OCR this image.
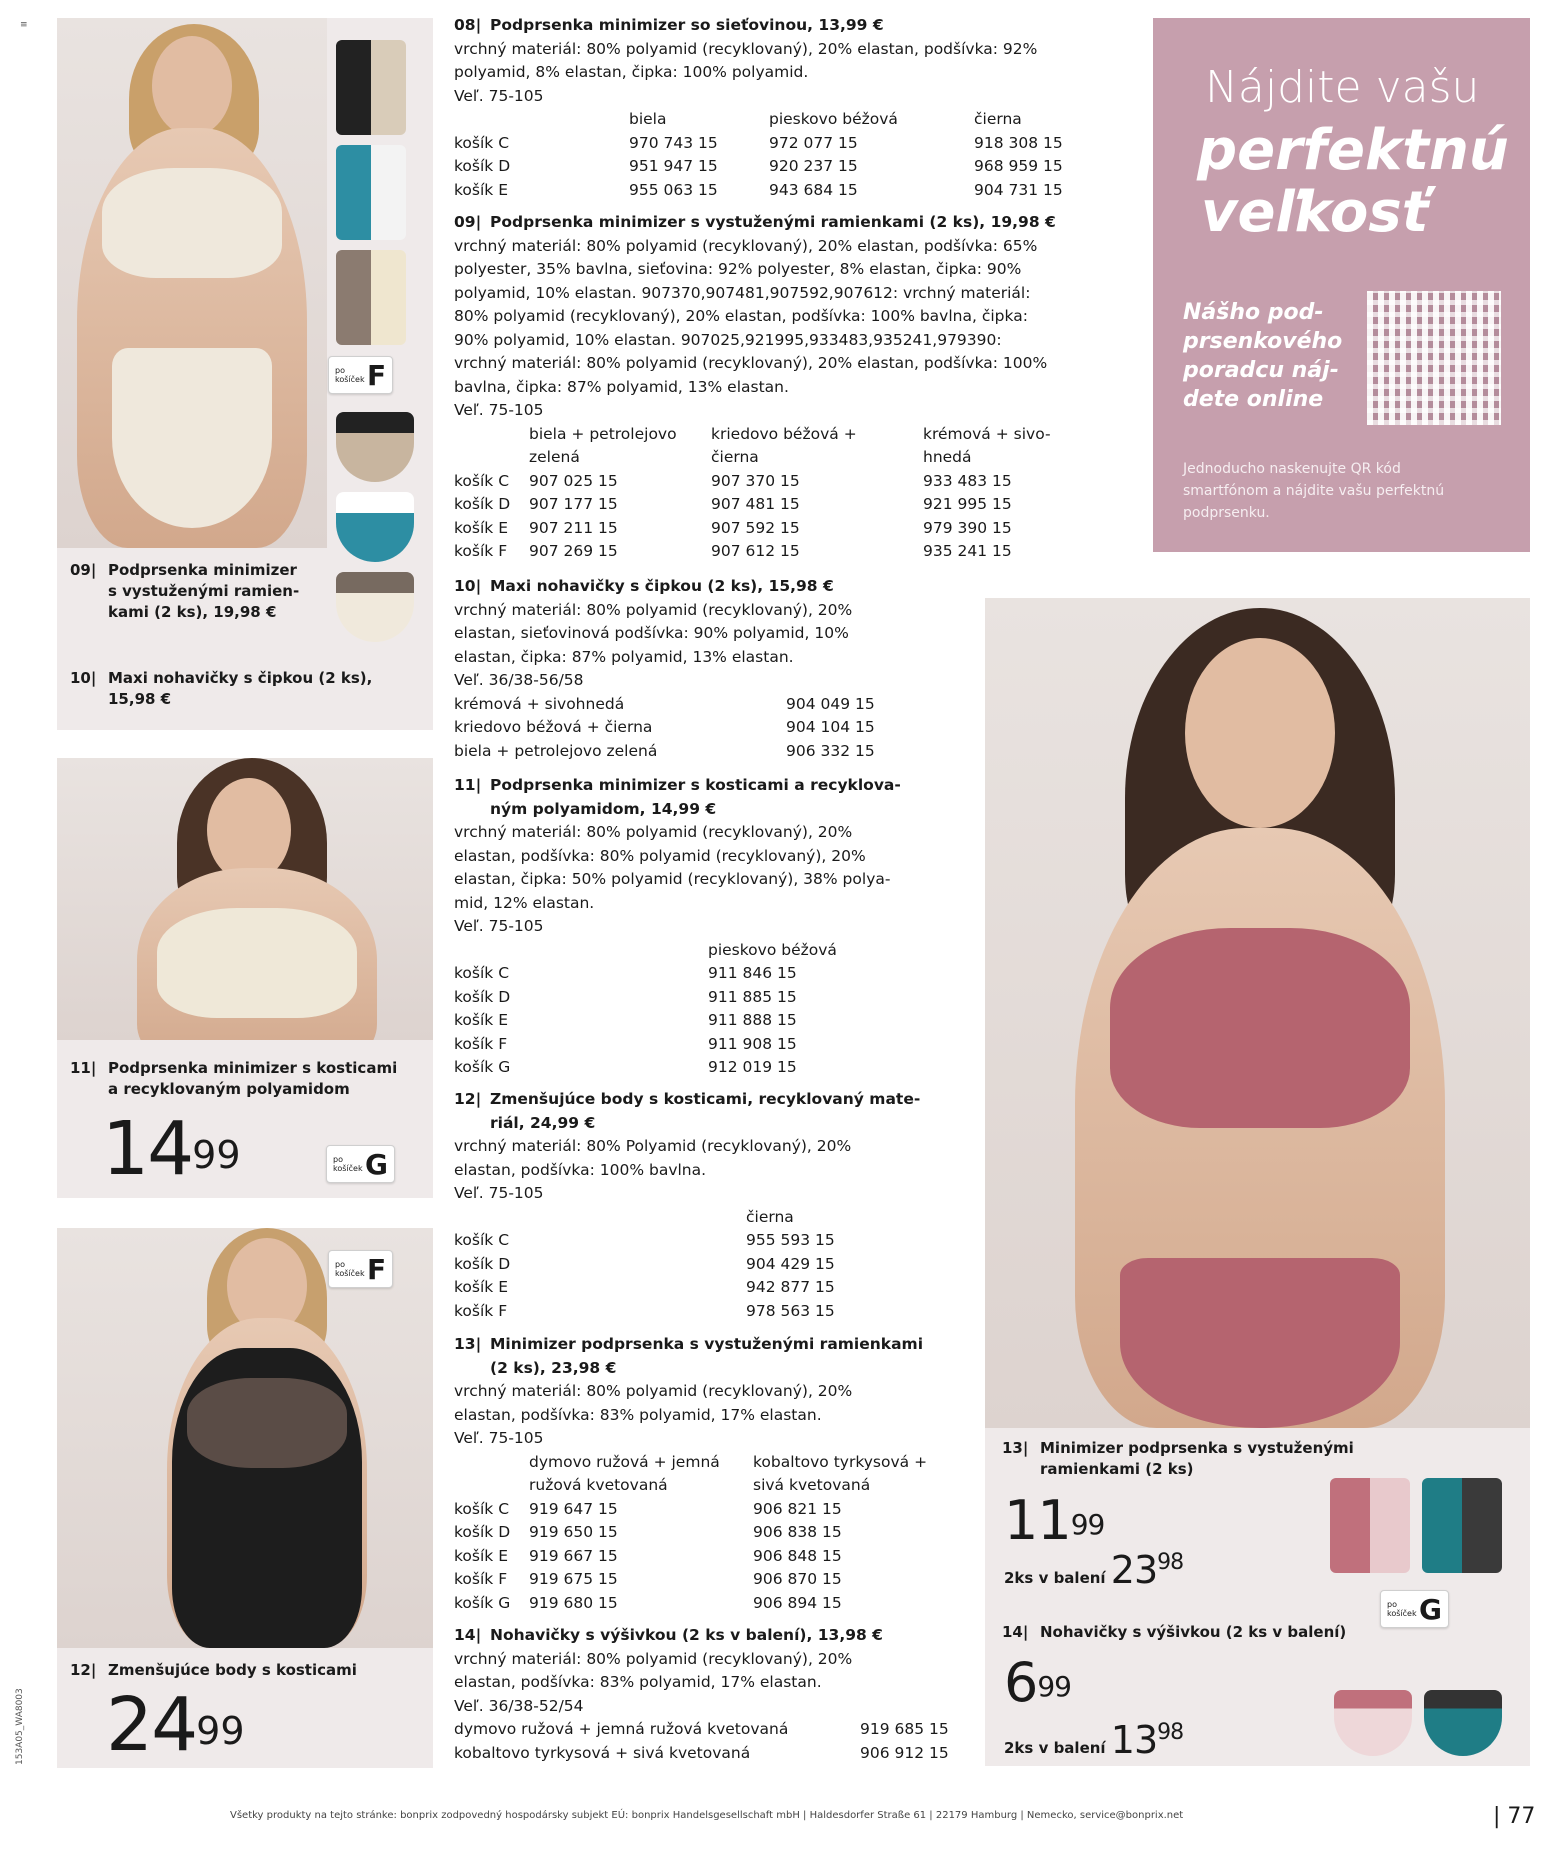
po
košíček F
09| Podprsenka minimizer
s vystuženými ramien-
kami (2 ks), 19,98 €
10| Maxi nohavičky s čipkou (2 ks),
15,98 €
11| Podprsenka minimizer s kosticami
a recyklovaným polyamidom
$14^{99}$	po
košíček G
po
košíček F
12| Zmenšujúce body s kosticami
$24^{99}$
153A05_WA8003
≡	08| Podprsenka minimizer so sieťovinou, 13,99 €
vrchný materiál: 80% polyamid (recyklovaný), 20% elastan, podšívka: 92%
polyamid, 8% elastan, čipka: 100% polyamid.
Veľ. 75-105
biela	pieskovo béžová	čierna
košík C	970 743 15	972 077 15	918 308 15
košík D	951 947 15	920 237 15	968 959 15
košík E	955 063 15	943 684 15	904 731 15
09| Podprsenka minimizer s vystuženými ramienkami (2 ks), 19,98 €
vrchný materiál: 80% polyamid (recyklovaný), 20% elastan, podšívka: 65%
polyester, 35% bavlna, sieťovina: 92% polyester, 8% elastan, čipka: 90%
polyamid, 10% elastan. 907370,907481,907592,907612: vrchný materiál:
80% polyamid (recyklovaný), 20% elastan, podšívka: 100% bavlna, čipka:
90% polyamid, 10% elastan. 907025,921995,933483,935241,979390:
vrchný materiál: 80% polyamid (recyklovaný), 20% elastan, podšívka: 100%
bavlna, čipka: 87% polyamid, 13% elastan.
Veľ. 75-105
biela + petrolejovo	kriedovo béžová +	krémová + sivo-
zelená	čierna	hnedá
košík C	907 025 15	907 370 15	933 483 15
košík D	907 177 15	907 481 15	921 995 15
košík E	907 211 15	907 592 15	979 390 15
košík F	907 269 15	907 612 15	935 241 15
10| Maxi nohavičky s čipkou (2 ks), 15,98 €
vrchný materiál: 80% polyamid (recyklovaný), 20%
elastan, sieťovinová podšívka: 90% polyamid, 10%
elastan, čipka: 87% polyamid, 13% elastan.
Veľ. 36/38-56/58
krémová + sivohnedá	904 049 15
kriedovo béžová + čierna	904 104 15
biela + petrolejovo zelená	906 332 15
11| Podprsenka minimizer s kosticami a recyklova-
ným polyamidom, 14,99 €
vrchný materiál: 80% polyamid (recyklovaný), 20%
elastan, podšívka: 80% polyamid (recyklovaný), 20%
elastan, čipka: 50% polyamid (recyklovaný), 38% polya-
mid, 12% elastan.
Veľ. 75-105
pieskovo béžová
košík C	911 846 15
košík D	911 885 15
košík E	911 888 15
košík F	911 908 15
košík G	912 019 15
12| Zmenšujúce body s kosticami, recyklovaný mate-
riál, 24,99 €
vrchný materiál: 80% Polyamid (recyklovaný), 20%
elastan, podšívka: 100% bavlna.
Veľ. 75-105
čierna
košík C	955 593 15
košík D	904 429 15
košík E	942 877 15
košík F	978 563 15
13| Minimizer podprsenka s vystuženými ramienkami
(2 ks), 23,98 €
vrchný materiál: 80% polyamid (recyklovaný), 20%
elastan, podšívka: 83% polyamid, 17% elastan.
Veľ. 75-105
dymovo ružová + jemná	kobaltovo tyrkysová +
ružová kvetovaná	sivá kvetovaná
košík C	919 647 15	906 821 15
košík D	919 650 15	906 838 15
košík E	919 667 15	906 848 15
košík F	919 675 15	906 870 15
košík G	919 680 15	906 894 15
14| Nohavičky s výšivkou (2 ks v balení), 13,98 €
vrchný materiál: 80% polyamid (recyklovaný), 20%
elastan, podšívka: 83% polyamid, 17% elastan.
Veľ. 36/38-52/54
dymovo ružová + jemná ružová kvetovaná	919 685 15
kobaltovo tyrkysová + sivá kvetovaná	906 912 15
Nájdite vašu
perfektnú
veľkosť
Nášho pod-
prsenkového
poradcu náj-
dete online
Jednoducho naskenujte QR kód
smartfónom a nájdite vašu perfektnú
podprsenku.
13| Minimizer podprsenka s vystuženými
ramienkami (2 ks)
$11^{99}$
2ks v balení $23^{98}$
po
košíček G
14| Nohavičky s výšivkou (2 ks v balení)
$6^{99}$
2ks v balení $13^{98}$
Všetky produkty na tejto stránke: bonprix zodpovedný hospodársky subjekt EÚ: bonprix Handelsgesellschaft mbH | Haldesdorfer Straße 61 | 22179 Hamburg | Nemecko, service@bonprix.net	| 77
